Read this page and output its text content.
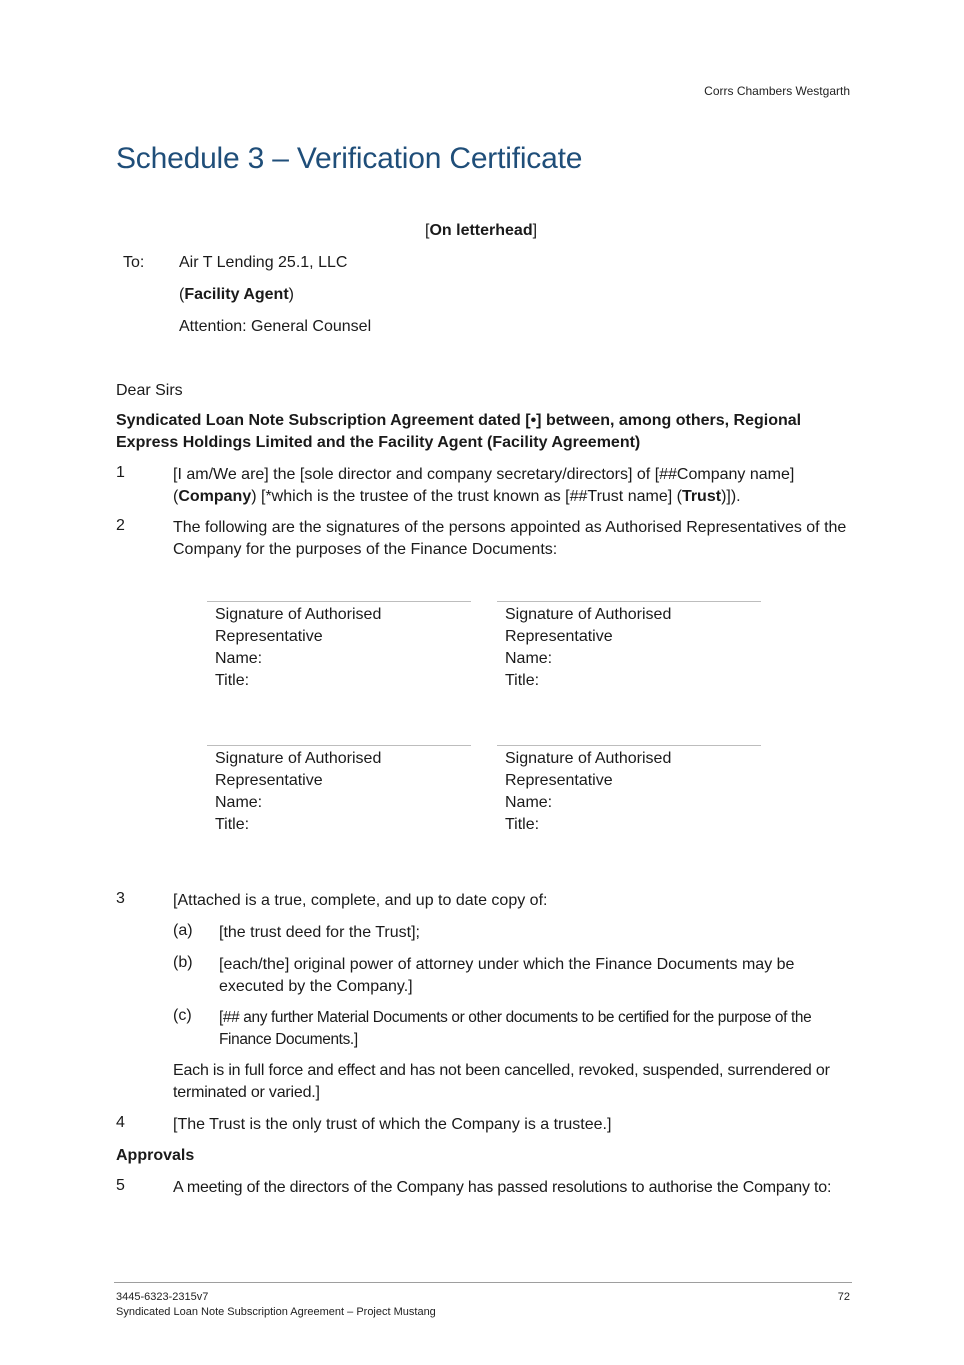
Corrs Chambers Westgarth
Schedule 3 – Verification Certificate
[On letterhead]
To: Air T Lending 25.1, LLC
(Facility Agent)
Attention: General Counsel
Dear Sirs
Syndicated Loan Note Subscription Agreement dated [•] between, among others, Regional Express Holdings Limited and the Facility Agent (Facility Agreement)
1	[I am/We are] the [sole director and company secretary/directors] of [##Company name] (Company) [*which is the trustee of the trust known as [##Trust name] (Trust)]).
2	The following are the signatures of the persons appointed as Authorised Representatives of the Company for the purposes of the Finance Documents:
Signature of Authorised
Representative
Name:
Title:
Signature of Authorised
Representative
Name:
Title:
Signature of Authorised
Representative
Name:
Title:
Signature of Authorised
Representative
Name:
Title:
3	[Attached is a true, complete, and up to date copy of:
(a) [the trust deed for the Trust];
(b) [each/the] original power of attorney under which the Finance Documents may be executed by the Company.]
(c) [## any further Material Documents or other documents to be certified for the purpose of the Finance Documents.]
Each is in full force and effect and has not been cancelled, revoked, suspended, surrendered or terminated or varied.]
4	[The Trust is the only trust of which the Company is a trustee.]
Approvals
5	A meeting of the directors of the Company has passed resolutions to authorise the Company to:
3445-6323-2315v7
Syndicated Loan Note Subscription Agreement – Project Mustang
72
